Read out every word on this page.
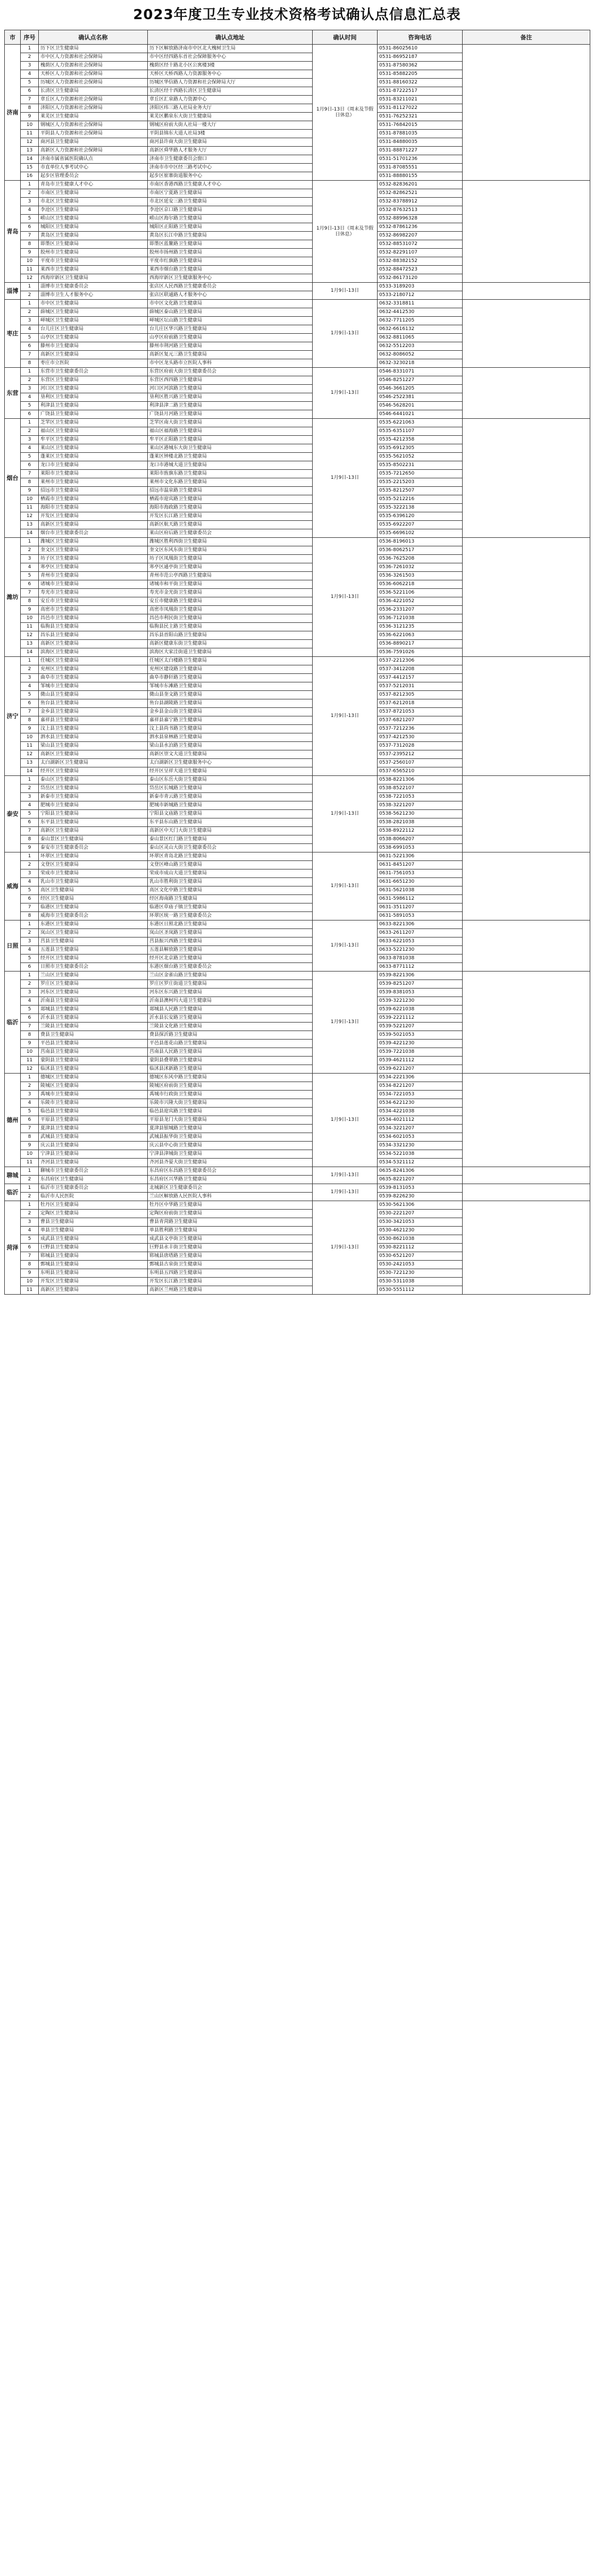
2023年度卫生专业技术资格考试确认点信息汇总表
市	序号	确认点名称	确认点地址	确认时间	咨询电话	备注
济南	1	历下区卫生健康局	历下区解放路济南市中区北大槐树卫生局	1月9日-13日（周末及节假日休息）	0531-86025610	
	2	市中区人力资源和社会保障局	市中区经四路东首社会保障服务中心		0531-86952187	
	3	槐荫区人力资源和社会保障局	槐荫区经十路北小区公寓楼3楼		0531-87580362	
	4	天桥区人力资源和社会保障局	天桥区天桥西路人力资源服务中心		0531-85882205	
	5	历城区人力资源和社会保障局	历城区华信路人力资源和社会保障局大厅		0531-88160322	
	6	长清区卫生健康局	长清区经十西路长清区卫生健康局		0531-87222517	
	7	章丘区人力资源和社会保障局	章丘区汇泉路人力资源中心		0531-83211021	
	8	济阳区人力资源和社会保障局	济阳区纬三路人社局业务大厅		0531-81127022	
	9	莱芜区卫生健康局	莱芜区鹏泉东大街卫生健康局		0531-76252321	
	10	钢城区人力资源和社会保障局	钢城区府前大街人社局一楼大厅		0531-76842015	
	11	平阴县人力资源和社会保障局	平阴县锦东大道人社局3楼		0531-87881035	
	12	商河县卫生健康局	商河县许商大街卫生健康局		0531-84880035	
	13	高新区人力资源和社会保障局	高新区舜华路人才服务大厅		0531-88871227	
	14	济南市属省属医院确认点	济南市卫生健康委员会窗口		0531-51701236	
	15	市直单位人事考试中心	济南市市中区经三路考试中心		0531-87085551	
	16	起步区管理委员会	起步区崔寨街道服务中心		0531-88880155	
青岛	1	青岛市卫生健康人才中心	市南区香港西路卫生健康人才中心	1月9日-13日（周末及节假日休息）	0532-82836201	
	2	市南区卫生健康局	市南区宁夏路卫生健康局		0532-82862521	
	3	市北区卫生健康局	市北区延安三路卫生健康局		0532-83788912	
	4	李沧区卫生健康局	李沧区京口路卫生健康局		0532-87632513	
	5	崂山区卫生健康局	崂山区海尔路卫生健康局		0532-88996328	
	6	城阳区卫生健康局	城阳区正阳路卫生健康局		0532-87861236	
	7	黄岛区卫生健康局	黄岛区长江中路卫生健康局		0532-86982207	
	8	即墨区卫生健康局	即墨区蓝鳌路卫生健康局		0532-88531072	
	9	胶州市卫生健康局	胶州市扬州路卫生健康局		0532-82291107	
	10	平度市卫生健康局	平度市红旗路卫生健康局		0532-88382152	
	11	莱西市卫生健康局	莱西市烟台路卫生健康局		0532-88472523	
	12	西海岸新区卫生健康局	西海岸新区卫生健康服务中心		0532-86173120	
淄博	1	淄博市卫生健康委员会	张店区人民西路卫生健康委员会	1月9日-13日	0533-3189203	
	2	淄博市卫生人才服务中心	张店区联通路人才服务中心		0533-2180712	
枣庄	1	市中区卫生健康局	市中区文化路卫生健康局	1月9日-13日	0632-3318811	
	2	薛城区卫生健康局	薛城区泰山路卫生健康局		0632-4412530	
	3	峄城区卫生健康局	峄城区坛山路卫生健康局		0632-7711205	
	4	台儿庄区卫生健康局	台儿庄区华兴路卫生健康局		0632-6616132	
	5	山亭区卫生健康局	山亭区府前路卫生健康局		0632-8811065	
	6	滕州市卫生健康局	滕州市荆河路卫生健康局		0632-5512203	
	7	高新区卫生健康局	高新区复元三路卫生健康局		0632-8086052	
	8	枣庄市立医院	市中区龙头路市立医院人事科		0632-3230218	
东营	1	东营市卫生健康委员会	东营区府前大街卫生健康委员会	1月9日-13日	0546-8331071	
	2	东营区卫生健康局	东营区西四路卫生健康局		0546-8251227	
	3	河口区卫生健康局	河口区河滨路卫生健康局		0546-3661205	
	4	垦利区卫生健康局	垦利区胜兴路卫生健康局		0546-2522381	
	5	利津县卫生健康局	利津县津二路卫生健康局		0546-5628201	
	6	广饶县卫生健康局	广饶县月河路卫生健康局		0546-6441021	
烟台	1	芝罘区卫生健康局	芝罘区南大街卫生健康局	1月9日-13日	0535-6221063	
	2	福山区卫生健康局	福山区福海路卫生健康局		0535-6351107	
	3	牟平区卫生健康局	牟平区正阳路卫生健康局		0535-4212358	
	4	莱山区卫生健康局	莱山区港城东大街卫生健康局		0535-6912305	
	5	蓬莱区卫生健康局	蓬莱区钟楼北路卫生健康局		0535-5621052	
	6	龙口市卫生健康局	龙口市港城大道卫生健康局		0535-8502231	
	7	莱阳市卫生健康局	莱阳市旌旗东路卫生健康局		0535-7212650	
	8	莱州市卫生健康局	莱州市文化东路卫生健康局		0535-2215203	
	9	招远市卫生健康局	招远市温泉路卫生健康局		0535-8212507	
	10	栖霞市卫生健康局	栖霞市迎宾路卫生健康局		0535-5212216	
	11	海阳市卫生健康局	海阳市海政路卫生健康局		0535-3222138	
	12	开发区卫生健康局	开发区长江路卫生健康局		0535-6396120	
	13	高新区卫生健康局	高新区航天路卫生健康局		0535-6922207	
	14	烟台市卫生健康委员会	莱山区府后路卫生健康委员会		0535-6696102	
潍坊	1	潍城区卫生健康局	潍城区胜利西街卫生健康局	1月9日-13日	0536-8196013	
	2	奎文区卫生健康局	奎文区东风东街卫生健康局		0536-8062517	
	3	坊子区卫生健康局	坊子区凤凰街卫生健康局		0536-7625208	
	4	寒亭区卫生健康局	寒亭区通亭街卫生健康局		0536-7261032	
	5	青州市卫生健康局	青州市范公亭西路卫生健康局		0536-3261503	
	6	诸城市卫生健康局	诸城市和平街卫生健康局		0536-6062218	
	7	寿光市卫生健康局	寿光市金光街卫生健康局		0536-5221106	
	8	安丘市卫生健康局	安丘市健康路卫生健康局		0536-4221052	
	9	高密市卫生健康局	高密市凤凰街卫生健康局		0536-2331207	
	10	昌邑市卫生健康局	昌邑市利民街卫生健康局		0536-7121038	
	11	临朐县卫生健康局	临朐县民主路卫生健康局		0536-3121235	
	12	昌乐县卫生健康局	昌乐县首阳山路卫生健康局		0536-6221063	
	13	高新区卫生健康局	高新区健康东街卫生健康局		0536-8890217	
	14	滨海区卫生健康局	滨海区大家洼街道卫生健康局		0536-7591026	
济宁	1	任城区卫生健康局	任城区太白楼路卫生健康局	1月9日-13日	0537-2212306	
	2	兖州区卫生健康局	兖州区建设路卫生健康局		0537-3412208	
	3	曲阜市卫生健康局	曲阜市静轩路卫生健康局		0537-4412157	
	4	邹城市卫生健康局	邹城市东滩路卫生健康局		0537-5212031	
	5	微山县卫生健康局	微山县奎文路卫生健康局		0537-8212305	
	6	鱼台县卫生健康局	鱼台县湖陵路卫生健康局		0537-6212018	
	7	金乡县卫生健康局	金乡县金山街卫生健康局		0537-8721053	
	8	嘉祥县卫生健康局	嘉祥县嘉宁路卫生健康局		0537-6821207	
	9	汶上县卫生健康局	汶上县尚书路卫生健康局		0537-7212236	
	10	泗水县卫生健康局	泗水县泉林路卫生健康局		0537-4212530	
	11	梁山县卫生健康局	梁山县水泊路卫生健康局		0537-7312028	
	12	高新区卫生健康局	高新区崇文大道卫生健康局		0537-2395212	
	13	太白湖新区卫生健康局	太白湖新区卫生健康服务中心		0537-2560107	
	14	经开区卫生健康局	经开区呈祥大道卫生健康局		0537-6565210	
泰安	1	泰山区卫生健康局	泰山区东岳大街卫生健康局	1月9日-13日	0538-8221306	
	2	岱岳区卫生健康局	岱岳区长城路卫生健康局		0538-8522107	
	3	新泰市卫生健康局	新泰市青云路卫生健康局		0538-7221053	
	4	肥城市卫生健康局	肥城市新城路卫生健康局		0538-3221207	
	5	宁阳县卫生健康局	宁阳县文庙路卫生健康局		0538-5621230	
	6	东平县卫生健康局	东平县东山路卫生健康局		0538-2821038	
	7	高新区卫生健康局	高新区中天门大街卫生健康局		0538-8922112	
	8	泰山景区卫生健康局	泰山景区红门路卫生健康局		0538-8066207	
	9	泰安市卫生健康委员会	泰山区灵山大街卫生健康委员会		0538-6991053	
威海	1	环翠区卫生健康局	环翠区青岛北路卫生健康局	1月9日-13日	0631-5221306	
	2	文登区卫生健康局	文登区峰山路卫生健康局		0631-8451207	
	3	荣成市卫生健康局	荣成市成山大道卫生健康局		0631-7561053	
	4	乳山市卫生健康局	乳山市胜利街卫生健康局		0631-6651230	
	5	高区卫生健康局	高区文化中路卫生健康局		0631-5621038	
	6	经区卫生健康局	经区海南路卫生健康局		0631-5986112	
	7	临港区卫生健康局	临港区草庙子镇卫生健康局		0631-3511207	
	8	威海市卫生健康委员会	环翠区统一路卫生健康委员会		0631-5891053	
日照	1	东港区卫生健康局	东港区日照北路卫生健康局	1月9日-13日	0633-8221306	
	2	岚山区卫生健康局	岚山区圣岚路卫生健康局		0633-2611207	
	3	莒县卫生健康局	莒县振兴西路卫生健康局		0633-6221053	
	4	五莲县卫生健康局	五莲县解放路卫生健康局		0633-5221230	
	5	经开区卫生健康局	经开区北京路卫生健康局		0633-8781038	
	6	日照市卫生健康委员会	东港区烟台路卫生健康委员会		0633-8771112	
临沂	1	兰山区卫生健康局	兰山区金雀山路卫生健康局	1月9日-13日	0539-8221306	
	2	罗庄区卫生健康局	罗庄区罗庄街道卫生健康局		0539-8251207	
	3	河东区卫生健康局	河东区东兴路卫生健康局		0539-8381053	
	4	沂南县卫生健康局	沂南县澳柯玛大道卫生健康局		0539-3221230	
	5	郯城县卫生健康局	郯城县人民路卫生健康局		0539-6221038	
	6	沂水县卫生健康局	沂水县长安路卫生健康局		0539-2221112	
	7	兰陵县卫生健康局	兰陵县文化路卫生健康局		0539-5221207	
	8	费县卫生健康局	费县探沂路卫生健康局		0539-5021053	
	9	平邑县卫生健康局	平邑县莲花山路卫生健康局		0539-4221230	
	10	莒南县卫生健康局	莒南县人民路卫生健康局		0539-7221038	
	11	蒙阴县卫生健康局	蒙阴县叠翠路卫生健康局		0539-4621112	
	12	临沭县卫生健康局	临沭县沭新路卫生健康局		0539-6221207	
德州	1	德城区卫生健康局	德城区东风中路卫生健康局	1月9日-13日	0534-2221306	
	2	陵城区卫生健康局	陵城区府前街卫生健康局		0534-8221207	
	3	禹城市卫生健康局	禹城市行政街卫生健康局		0534-7221053	
	4	乐陵市卫生健康局	乐陵市兴隆大街卫生健康局		0534-6221230	
	5	临邑县卫生健康局	临邑县迎宾路卫生健康局		0534-4221038	
	6	平原县卫生健康局	平原县龙门大街卫生健康局		0534-4021112	
	7	夏津县卫生健康局	夏津县银城路卫生健康局		0534-3221207	
	8	武城县卫生健康局	武城县振华街卫生健康局		0534-6021053	
	9	庆云县卫生健康局	庆云县中心街卫生健康局		0534-3321230	
	10	宁津县卫生健康局	宁津县津城街卫生健康局		0534-5221038	
	11	齐河县卫生健康局	齐河县齐晏大街卫生健康局		0534-5321112	
聊城	1	聊城市卫生健康委员会	东昌府区东昌路卫生健康委员会	1月9日-13日	0635-8241306	
	2	东昌府区卫生健康局	东昌府区兴华路卫生健康局		0635-8221207	
临沂	1	临沂市卫生健康委员会	北城新区卫生健康委员会	1月9日-13日	0539-8131053	
	2	临沂市人民医院	兰山区解放路人民医院人事科		0539-8226230	
菏泽	1	牡丹区卫生健康局	牡丹区中华路卫生健康局	1月9日-13日	0530-5621306	
	2	定陶区卫生健康局	定陶区府前街卫生健康局		0530-2221207	
	3	曹县卫生健康局	曹县青菏路卫生健康局		0530-3421053	
	4	单县卫生健康局	单县胜利路卫生健康局		0530-4621230	
	5	成武县卫生健康局	成武县文亭街卫生健康局		0530-8621038	
	6	巨野县卫生健康局	巨野县永丰街卫生健康局		0530-8221112	
	7	郓城县卫生健康局	郓城县唐塔路卫生健康局		0530-6521207	
	8	鄄城县卫生健康局	鄄城县古泉街卫生健康局		0530-2421053	
	9	东明县卫生健康局	东明县五四路卫生健康局		0530-7221230	
	10	开发区卫生健康局	开发区长江路卫生健康局		0530-5311038	
	11	高新区卫生健康局	高新区兰州路卫生健康局		0530-5551112	
